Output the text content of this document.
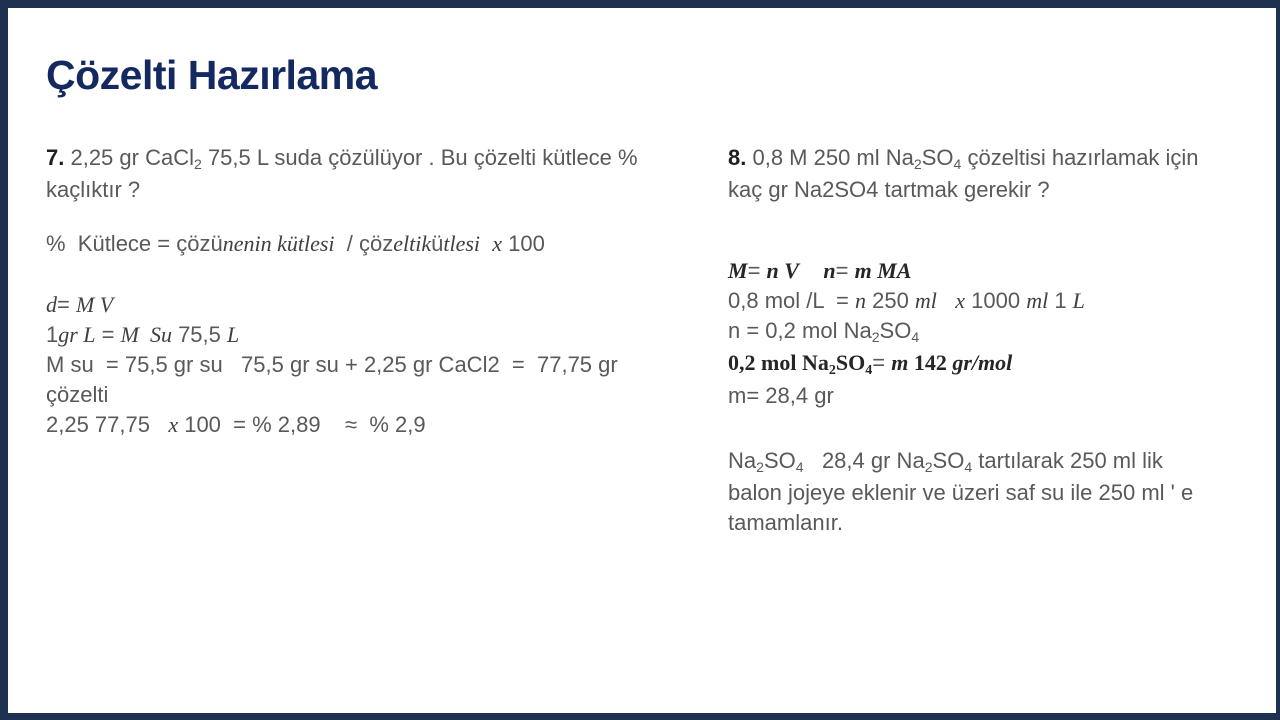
Çözelti Hazırlama
7. 2,25 gr CaCl2 75,5 L suda çözülüyor . Bu çözelti kütlece %
kaçlıktır ?
%  Kütlece = çözünenin kütlesi  / çözeltikütlesi x 100
d= M V
1gr L = M  Su 75,5 L
M su  = 75,5 gr su   75,5 gr su + 2,25 gr CaCl2  =  77,75 gr
çözelti
2,25 77,75   x 100  = % 2,89    ≈  % 2,9
8. 0,8 M 250 ml Na2SO4 çözeltisi hazırlamak için
kaç gr Na2SO4 tartmak gerekir ?
M= n V n= m MA
0,8 mol /L  = n 250 ml x 1000 ml 1 L
n = 0,2 mol Na2SO4
0,2 mol Na2SO4= m 142 gr/mol
m= 28,4 gr
Na2SO4   28,4 gr Na2SO4 tartılarak 250 ml lik
balon jojeye eklenir ve üzeri saf su ile 250 ml ' e
tamamlanır.
